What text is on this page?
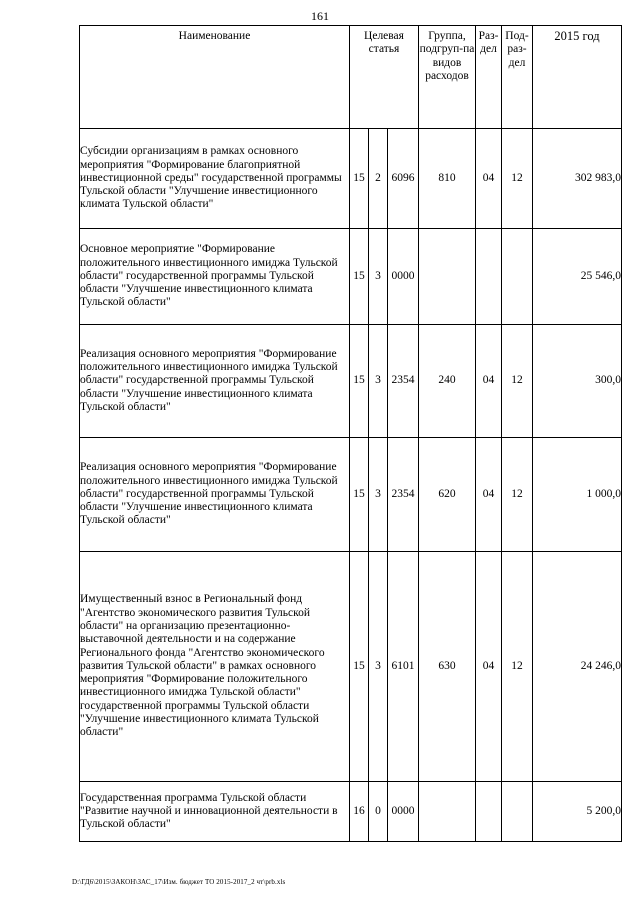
161
Наименование	Целевая статья			Группа, подгруп-па видов расходов	Раз-дел	Под-раз-дел	2015 год
Субсидии организациям в рамках основного мероприятия "Формирование благоприятной инвестиционной среды" государственной программы Тульской области "Улучшение инвестиционного климата Тульской области"	15	2	6096	810	04	12	302 983,0
Основное мероприятие "Формирование положительного инвестиционного имиджа Тульской области" государственной программы Тульской области "Улучшение инвестиционного климата Тульской области"	15	3	0000				25 546,0
Реализация основного мероприятия "Формирование положительного инвестиционного имиджа Тульской области" государственной программы Тульской области "Улучшение инвестиционного климата Тульской области"	15	3	2354	240	04	12	300,0
Реализация основного мероприятия "Формирование положительного инвестиционного имиджа Тульской области" государственной программы Тульской области "Улучшение инвестиционного климата Тульской области"	15	3	2354	620	04	12	1 000,0
Имущественный взнос в Региональный фонд "Агентство экономического развития Тульской области" на организацию презентационно-выставочной деятельности и на содержание Регионального фонда "Агентство экономического развития Тульской области" в рамках основного мероприятия "Формирование положительного инвестиционного имиджа Тульской области" государственной программы Тульской области "Улучшение инвестиционного климата Тульской области"	15	3	6101	630	04	12	24 246,0
Государственная программа Тульской области "Развитие научной и инновационной деятельности в Тульской области"	16	0	0000				5 200,0
D:\ГД6\2015\ЗАКОН\ЗАС_17\Изм. бюджет ТО 2015-2017_2 чт\prb.xls
